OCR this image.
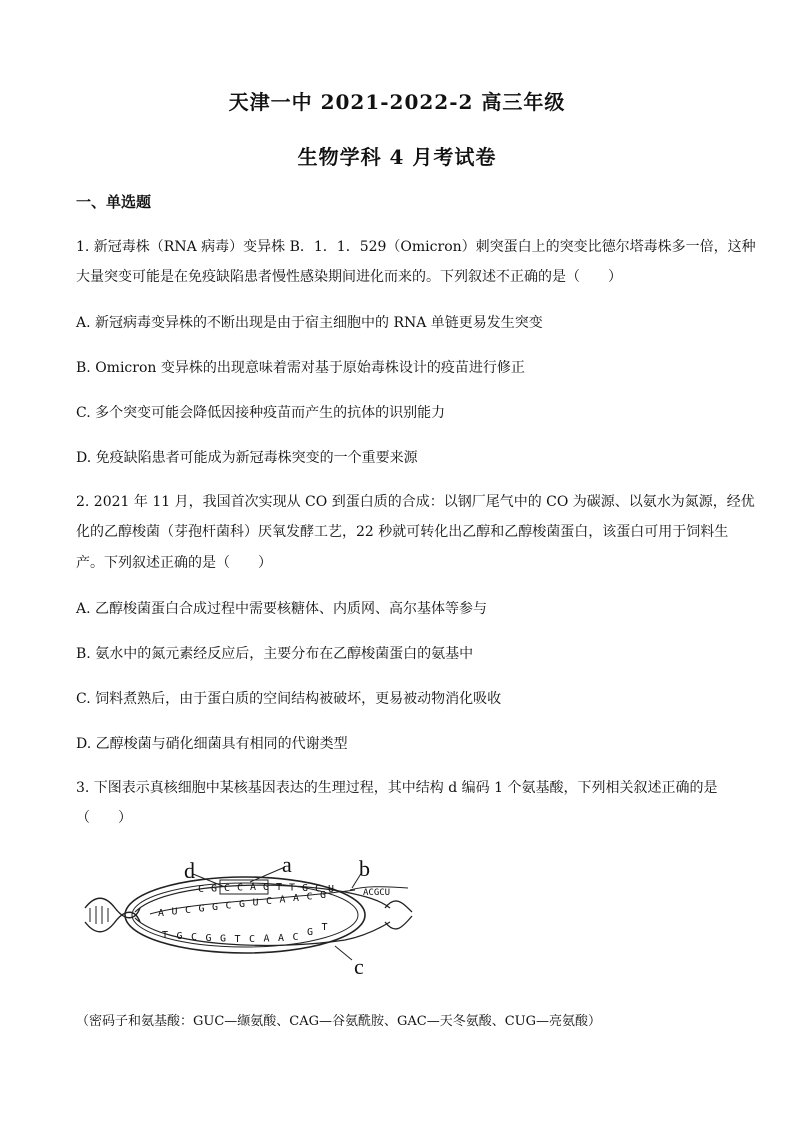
天津一中 2021-2022-2 高三年级
生物学科 4 月考试卷
一、单选题
1. 新冠毒株（RNA 病毒）变异株 B．1．1．529（Omicron）刺突蛋白上的突变比德尔塔毒株多一倍，这种
大量突变可能是在免疫缺陷患者慢性感染期间进化而来的。下列叙述不正确的是（　　）
A. 新冠病毒变异株的不断出现是由于宿主细胞中的 RNA 单链更易发生突变
B. Omicron 变异株的出现意味着需对基于原始毒株设计的疫苗进行修正
C. 多个突变可能会降低因接种疫苗而产生的抗体的识别能力
D. 免疫缺陷患者可能成为新冠毒株突变的一个重要来源
2. 2021 年 11 月，我国首次实现从 CO 到蛋白质的合成：以钢厂尾气中的 CO 为碳源、以氨水为氮源，经优
化的乙醇梭菌（芽孢杆菌科）厌氧发酵工艺，22 秒就可转化出乙醇和乙醇梭菌蛋白，该蛋白可用于饲料生
产。下列叙述正确的是（　　）
A. 乙醇梭菌蛋白合成过程中需要核糖体、内质网、高尔基体等参与
B. 氨水中的氮元素经反应后，主要分布在乙醇梭菌蛋白的氨基中
C. 饲料煮熟后，由于蛋白质的空间结构被破坏，更易被动物消化吸收
D. 乙醇梭菌与硝化细菌具有相同的代谢类型
3. 下图表示真核细胞中某核基因表达的生理过程，其中结构 d 编码 1 个氨基酸，下列相关叙述正确的是
（　　）
d	a	b
c
C G C C A G T T G C U
A U C G G C G U C A A C G
T G C G G T C A A C G T
ACGCU
（密码子和氨基酸：GUC—缬氨酸、CAG—谷氨酰胺、GAC—天冬氨酸、CUG—亮氨酸）
